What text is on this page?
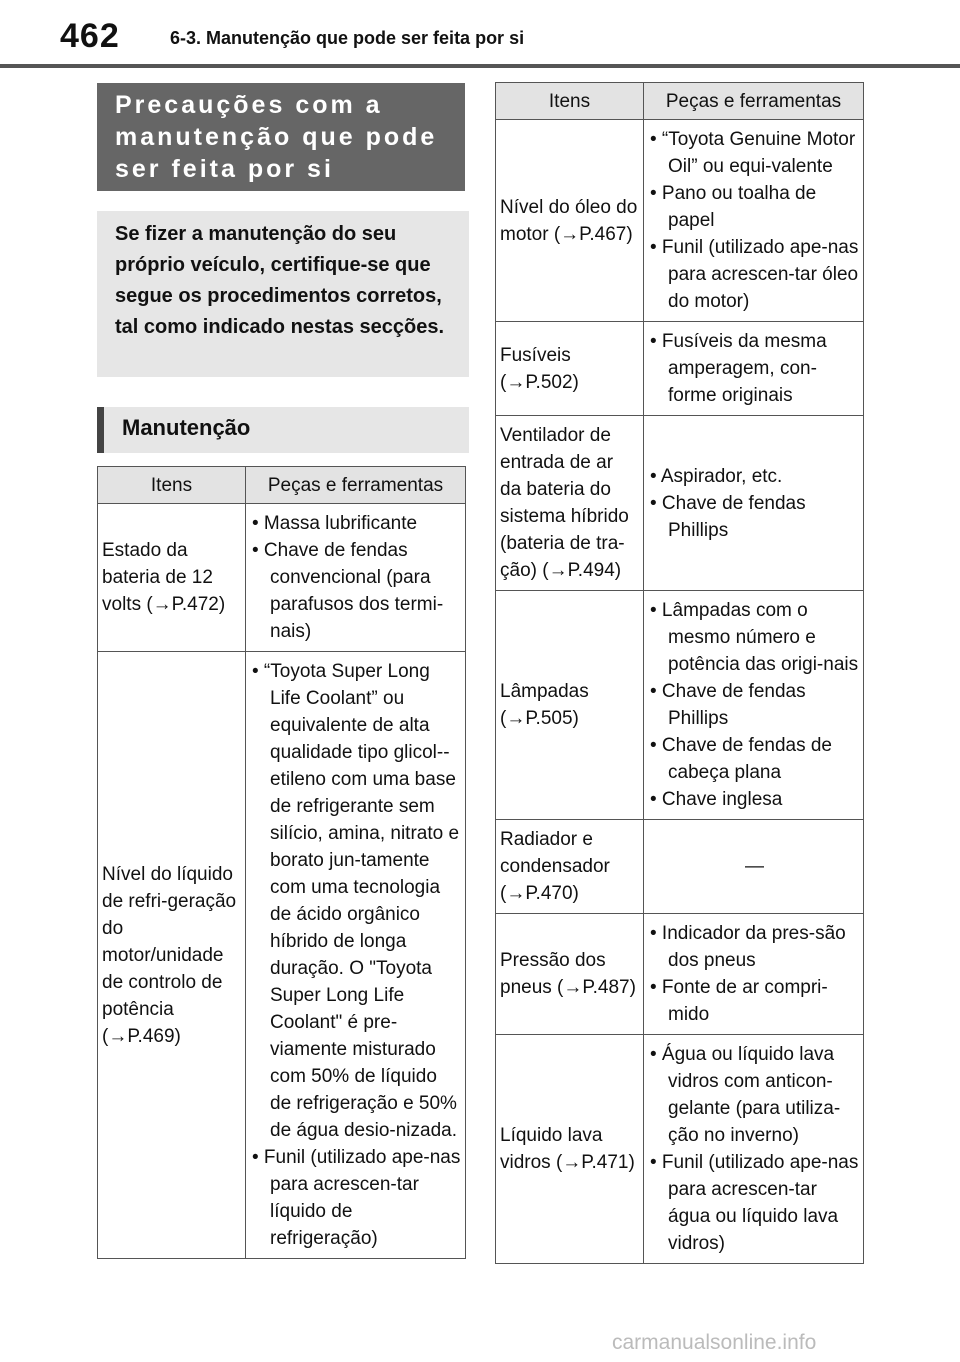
462	6-3. Manutenção que pode ser feita por si
Precauções com a manutenção que pode ser feita por si
Se fizer a manutenção do seu próprio veículo, certifique-se que segue os procedimentos corretos, tal como indicado nestas secções.
Manutenção
Itens	Peças e ferramentas
Estado da bateria de 12 volts (→P.472)	• Massa lubrificante
• Chave de fendas convencional (para parafusos dos termi-nais)

Nível do líquido de refri-geração do motor/unidade de controlo de potência (→P.469)	• “Toyota Super Long Life Coolant” ou equivalente de alta qualidade tipo glicol--etileno com uma base de refrigerante sem silício, amina, nitrato e borato jun-tamente com uma tecnologia de ácido orgânico híbrido de longa duração. O "Toyota Super Long Life Coolant" é pre-viamente misturado com 50% de líquido de refrigeração e 50% de água desio-nizada.
• Funil (utilizado ape-nas para acrescen-tar líquido de refrigeração)
Itens	Peças e ferramentas
Nível do óleo do motor (→P.467)	• “Toyota Genuine Motor Oil” ou equi-valente
• Pano ou toalha de papel
• Funil (utilizado ape-nas para acrescen-tar óleo do motor)

Fusíveis (→P.502)	• Fusíveis da mesma amperagem, con-forme originais

Ventilador de entrada de ar da bateria do sistema híbrido (bateria de tra-ção) (→P.494)	• Aspirador, etc.
• Chave de fendas Phillips

Lâmpadas (→P.505)	• Lâmpadas com o mesmo número e potência das origi-nais
• Chave de fendas Phillips
• Chave de fendas de cabeça plana
• Chave inglesa

Radiador e condensador (→P.470)	—

Pressão dos pneus (→P.487)	• Indicador da pres-são dos pneus
• Fonte de ar compri-mido

Líquido lava vidros (→P.471)	• Água ou líquido lava vidros com anticon-gelante (para utiliza-ção no inverno)
• Funil (utilizado ape-nas para acrescen-tar água ou líquido lava vidros)
carmanualsonline.info
